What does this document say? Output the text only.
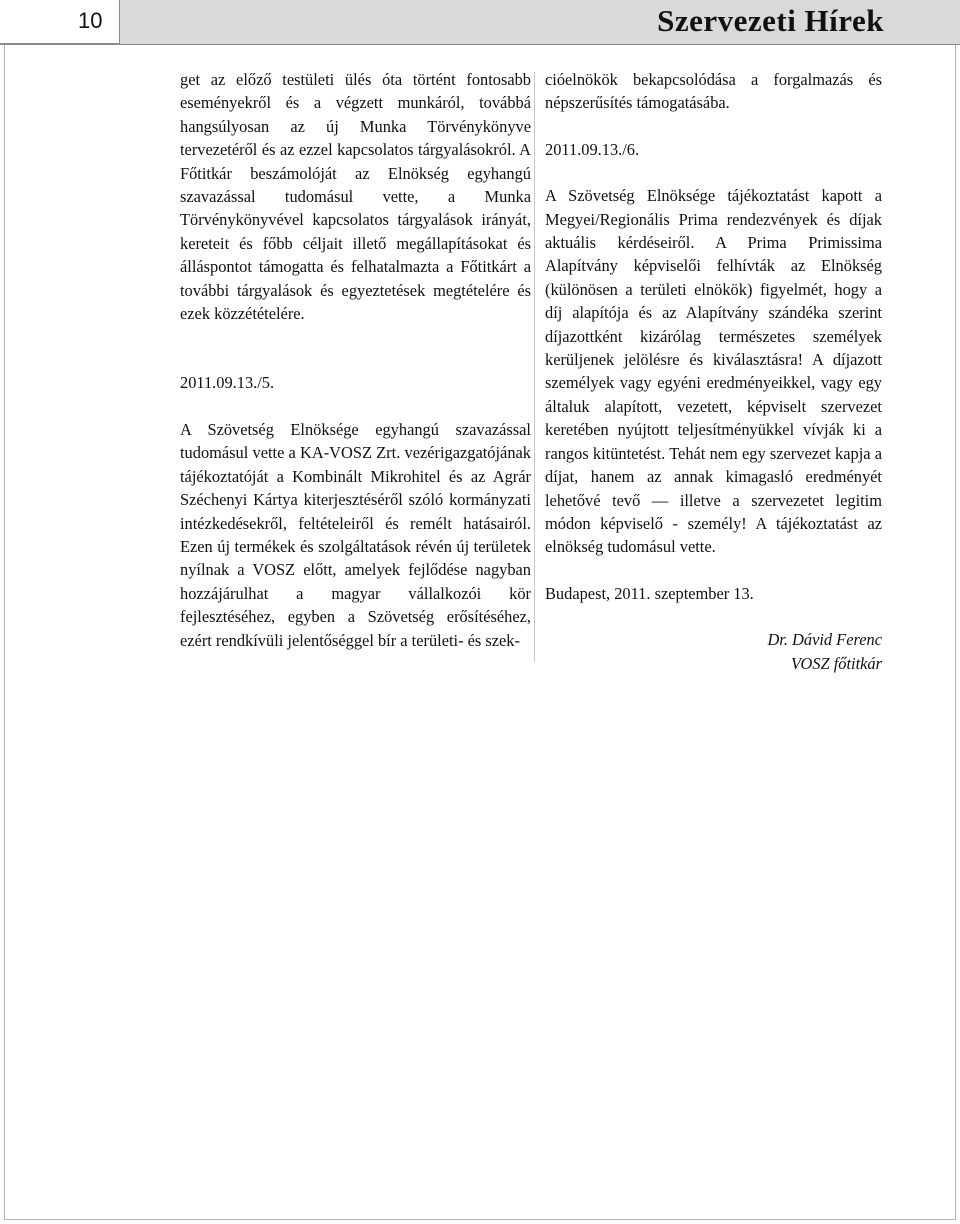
10	Szervezeti Hírek

get az előző testületi ülés óta történt fontosabb eseményekről és a végzett munkáról, továbbá hangsúlyosan az új Munka Törvénykönyve tervezetéről és az ezzel kapcsolatos tárgyalásokról. A Főtitkár beszámolóját az Elnökség egyhangú szavazással tudomásul vette, a Munka Törvénykönyvével kapcsolatos tárgyalások irányát, kereteit és főbb céljait illető megállapításokat és álláspontot támogatta és felhatalmazta a Főtitkárt a további tárgyalások és egyeztetések megtételére és ezek közzétételére.

2011.09.13./5.

A Szövetség Elnöksége egyhangú szavazással tudomásul vette a KA-VOSZ Zrt. vezérigazgatójának tájékoztatóját a Kombinált Mikrohitel és az Agrár Széchenyi Kártya kiterjesztéséről szóló kormányzati intézkedésekről, feltételeiről és remélt hatásairól. Ezen új termékek és szolgáltatások révén új területek nyílnak a VOSZ előtt, amelyek fejlődése nagyban hozzájárulhat a magyar vállalkozói kör fejlesztéséhez, egyben a Szövetség erősítéséhez, ezért rendkívüli jelentőséggel bír a területi- és szek-

cióelnökök bekapcsolódása a forgalmazás és népszerűsítés támogatásába.

2011.09.13./6.

A Szövetség Elnöksége tájékoztatást kapott a Megyei/Regionális Prima rendezvények és díjak aktuális kérdéseiről. A Prima Primissima Alapítvány képviselői felhívták az Elnökség (különösen a területi elnökök) figyelmét, hogy a díj alapítója és az Alapítvány szándéka szerint díjazottként kizárólag természetes személyek kerüljenek jelölésre és kiválasztásra! A díjazott személyek vagy egyéni eredményeikkel, vagy egy általuk alapított, vezetett, képviselt szervezet keretében nyújtott teljesítményükkel vívják ki a rangos kitüntetést. Tehát nem egy szervezet kapja a díjat, hanem az annak kimagasló eredményét lehetővé tevő — illetve a szervezetet legitim módon képviselő - személy! A tájékoztatást az elnökség tudomásul vette.

Budapest, 2011. szeptember 13.

Dr. Dávid Ferenc

VOSZ főtitkár
